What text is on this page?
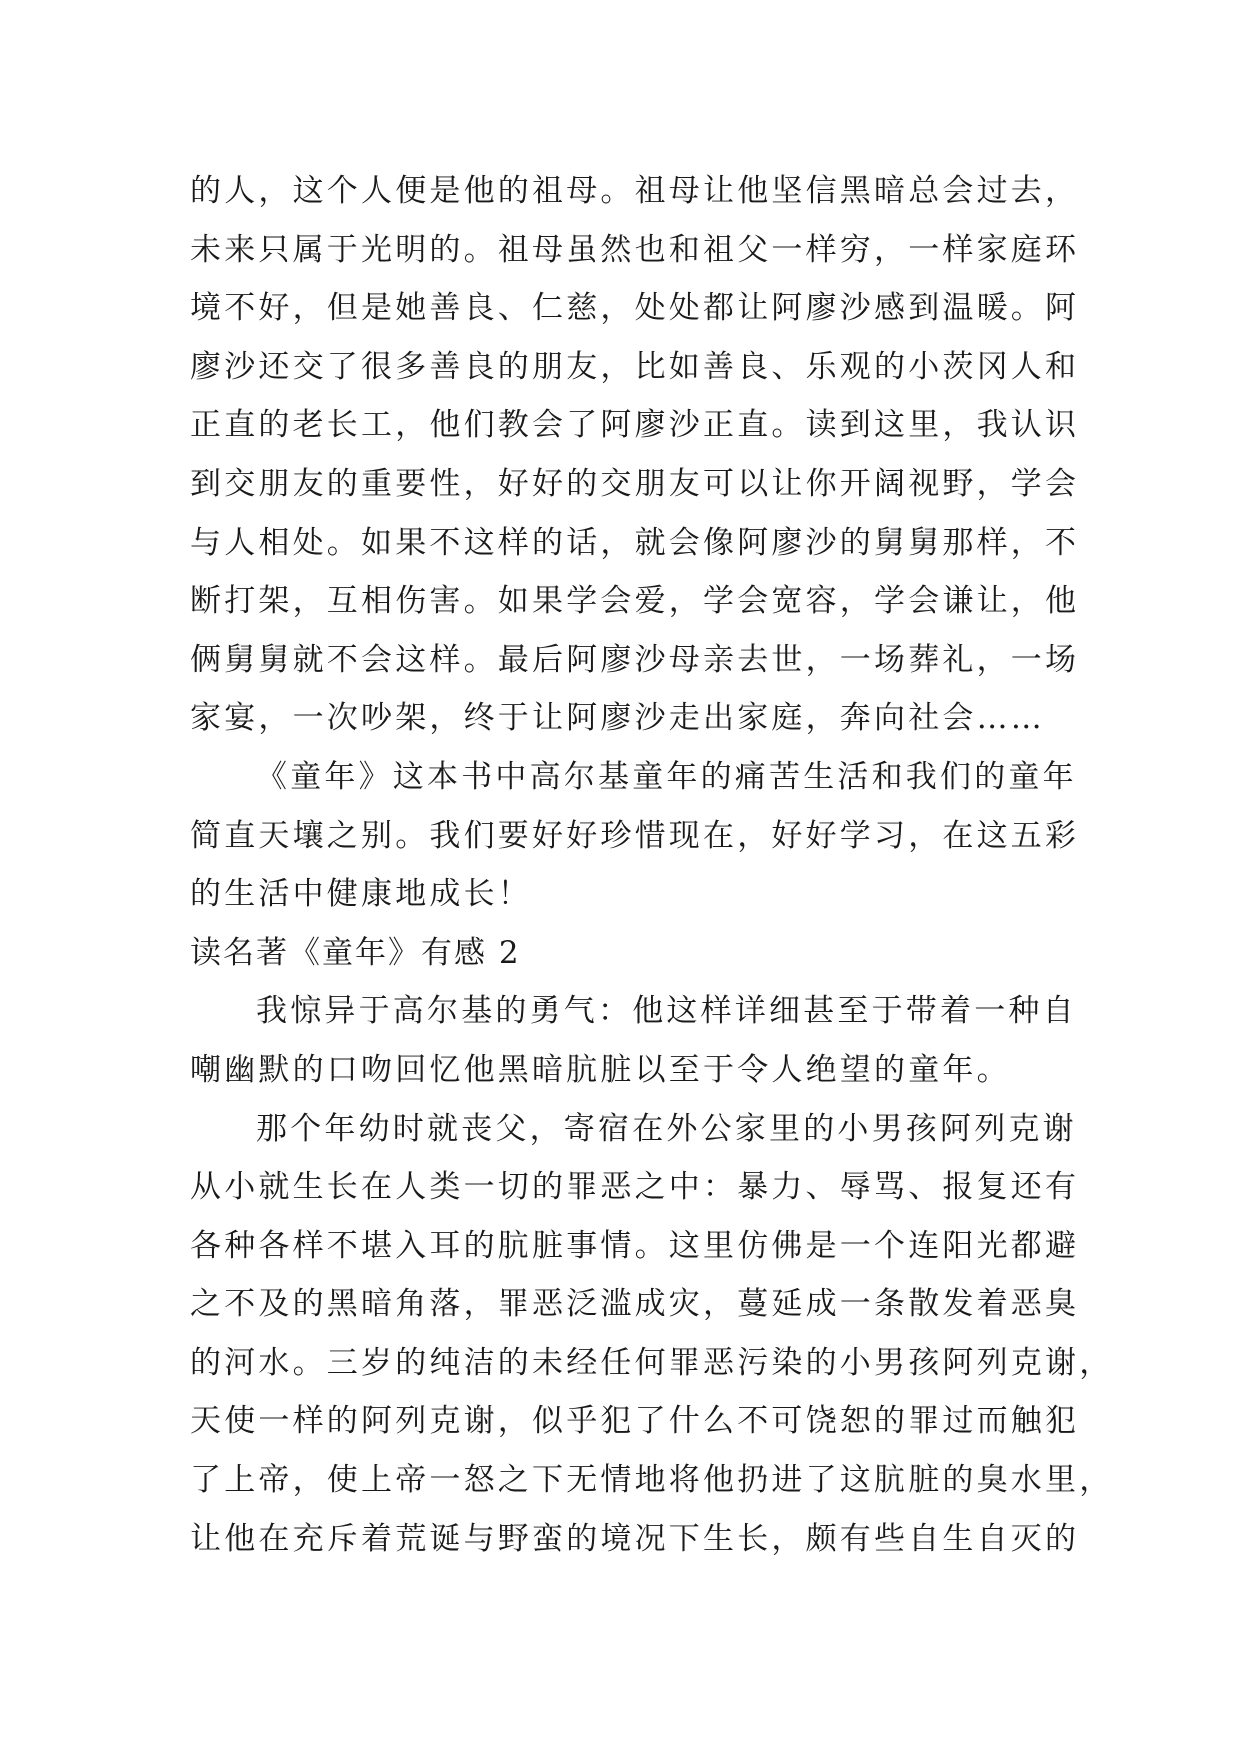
的人，这个人便是他的祖母。祖母让他坚信黑暗总会过去，
未来只属于光明的。祖母虽然也和祖父一样穷，一样家庭环
境不好，但是她善良、仁慈，处处都让阿廖沙感到温暖。阿
廖沙还交了很多善良的朋友，比如善良、乐观的小茨冈人和
正直的老长工，他们教会了阿廖沙正直。读到这里，我认识
到交朋友的重要性，好好的交朋友可以让你开阔视野，学会
与人相处。如果不这样的话，就会像阿廖沙的舅舅那样，不
断打架，互相伤害。如果学会爱，学会宽容，学会谦让，他
俩舅舅就不会这样。最后阿廖沙母亲去世，一场葬礼，一场
家宴，一次吵架，终于让阿廖沙走出家庭，奔向社会……
《童年》这本书中高尔基童年的痛苦生活和我们的童年
简直天壤之别。我们要好好珍惜现在，好好学习，在这五彩
的生活中健康地成长！
读名著《童年》有感 2
我惊异于高尔基的勇气：他这样详细甚至于带着一种自
嘲幽默的口吻回忆他黑暗肮脏以至于令人绝望的童年。
那个年幼时就丧父，寄宿在外公家里的小男孩阿列克谢
从小就生长在人类一切的罪恶之中：暴力、辱骂、报复还有
各种各样不堪入耳的肮脏事情。这里仿佛是一个连阳光都避
之不及的黑暗角落，罪恶泛滥成灾，蔓延成一条散发着恶臭
的河水。三岁的纯洁的未经任何罪恶污染的小男孩阿列克谢，
天使一样的阿列克谢，似乎犯了什么不可饶恕的罪过而触犯
了上帝，使上帝一怒之下无情地将他扔进了这肮脏的臭水里，
让他在充斥着荒诞与野蛮的境况下生长，颇有些自生自灭的
